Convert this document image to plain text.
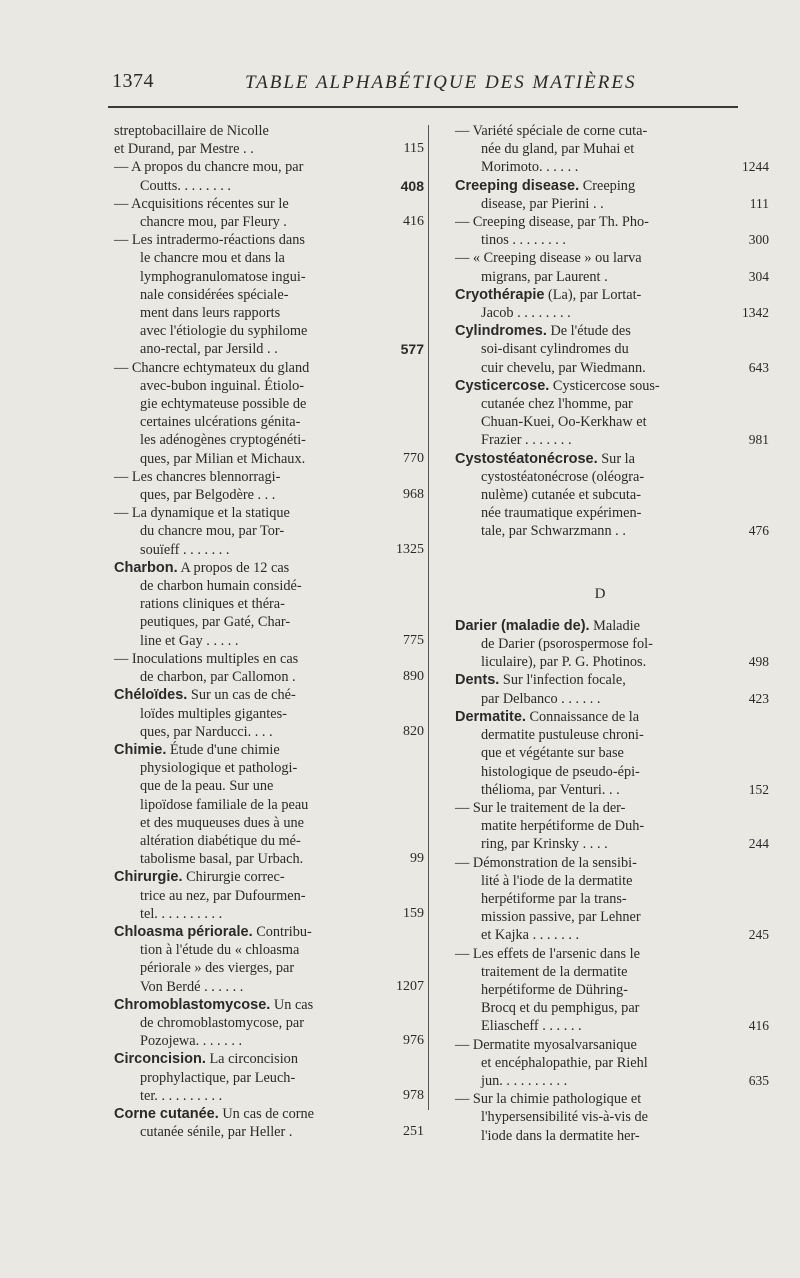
1374	TABLE ALPHABÉTIQUE DES MATIÈRES
streptobacillaire de Nicolle
et Durand, par Mestre . .	115
— A propos du chancre mou, par
Coutts. . . . . . . .	408
— Acquisitions récentes sur le
chancre mou, par Fleury .	416
— Les intradermo-réactions dans
le chancre mou et dans la
lymphogranulomatose ingui-
nale considérées spéciale-
ment dans leurs rapports
avec l'étiologie du syphilome
ano-rectal, par Jersild . .	577
— Chancre echtymateux du gland
avec-bubon inguinal. Étiolo-
gie echtymateuse possible de
certaines ulcérations génita-
les adénogènes cryptogénéti-
ques, par Milian et Michaux.	770
— Les chancres blennorragi-
ques, par Belgodère . . .	968
— La dynamique et la statique
du chancre mou, par Tor-
souïeff . . . . . . .	1325
Charbon. A propos de 12 cas
de charbon humain considé-
rations cliniques et théra-
peutiques, par Gaté, Char-
line et Gay . . . . .	775
— Inoculations multiples en cas
de charbon, par Callomon .	890
Chéloïdes. Sur un cas de ché-
loïdes multiples gigantes-
ques, par Narducci. . . .	820
Chimie. Étude d'une chimie
physiologique et pathologi-
que de la peau. Sur une
lipoïdose familiale de la peau
et des muqueuses dues à une
altération diabétique du mé-
tabolisme basal, par Urbach.	99
Chirurgie. Chirurgie correc-
trice au nez, par Dufourmen-
tel. . . . . . . . . .	159
Chloasma périorale. Contribu-
tion à l'étude du « chloasma
périorale » des vierges, par
Von Berdé . . . . . .	1207
Chromoblastomycose. Un cas
de chromoblastomycose, par
Pozojewa. . . . . . .	976
Circoncision. La circoncision
prophylactique, par Leuch-
ter. . . . . . . . . .	978
Corne cutanée. Un cas de corne
cutanée sénile, par Heller .	251
— Variété spéciale de corne cuta-
née du gland, par Muhai et
Morimoto. . . . . .	1244
Creeping disease. Creeping
disease, par Pierini . .	111
— Creeping disease, par Th. Pho-
tinos . . . . . . . .	300
— « Creeping disease » ou larva
migrans, par Laurent .	304
Cryothérapie (La), par Lortat-
Jacob . . . . . . . .	1342
Cylindromes. De l'étude des
soi-disant cylindromes du
cuir chevelu, par Wiedmann.	643
Cysticercose. Cysticercose sous-
cutanée chez l'homme, par
Chuan-Kuei, Oo-Kerkhaw et
Frazier . . . . . . .	981
Cystostéatonécrose. Sur la
cystostéatonécrose (oléogra-
nulème) cutanée et subcuta-
née traumatique expérimen-
tale, par Schwarzmann . .	476
D
Darier (maladie de). Maladie
de Darier (psorospermose fol-
liculaire), par P. G. Photinos.	498
Dents. Sur l'infection focale,
par Delbanco . . . . . .	423
Dermatite. Connaissance de la
dermatite pustuleuse chroni-
que et végétante sur base
histologique de pseudo-épi-
thélioma, par Venturi. . .	152
— Sur le traitement de la der-
matite herpétiforme de Duh-
ring, par Krinsky . . . .	244
— Démonstration de la sensibi-
lité à l'iode de la dermatite
herpétiforme par la trans-
mission passive, par Lehner
et Kajka . . . . . . .	245
— Les effets de l'arsenic dans le
traitement de la dermatite
herpétiforme de Dühring-
Brocq et du pemphigus, par
Eliascheff . . . . . .	416
— Dermatite myosalvarsanique
et encéphalopathie, par Riehl
jun. . . . . . . . . .	635
— Sur la chimie pathologique et
l'hypersensibilité vis-à-vis de
l'iode dans la dermatite her-
